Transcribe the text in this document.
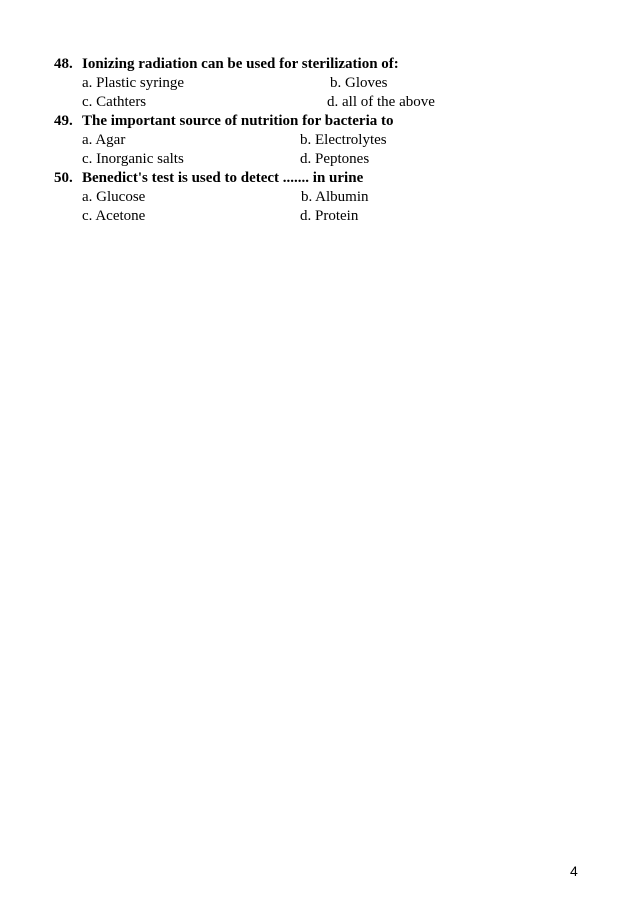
48. Ionizing radiation can be used for sterilization of:
a. Plastic syringe	b. Gloves
c. Cathters	d. all of the above
49. The important source of nutrition for bacteria to
a. Agar	b. Electrolytes
c. Inorganic salts	d. Peptones
50. Benedict's test is used to detect ....... in urine
a. Glucose	b. Albumin
c. Acetone	d. Protein
4
